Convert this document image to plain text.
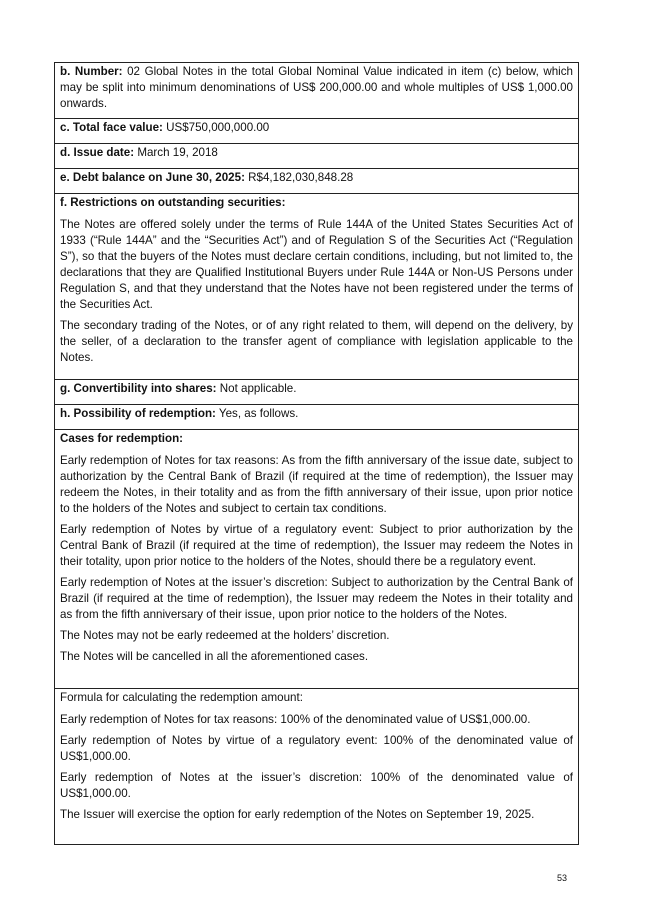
b. Number: 02 Global Notes in the total Global Nominal Value indicated in item (c) below, which may be split into minimum denominations of US$ 200,000.00 and whole multiples of US$ 1,000.00 onwards.

c. Total face value: US$750,000,000.00

d. Issue date: March 19, 2018

e. Debt balance on June 30, 2025: R$4,182,030,848.28

f. Restrictions on outstanding securities:

The Notes are offered solely under the terms of Rule 144A of the United States Securities Act of 1933 (“Rule 144A” and the “Securities Act”) and of Regulation S of the Securities Act (“Regulation S”), so that the buyers of the Notes must declare certain conditions, including, but not limited to, the declarations that they are Qualified Institutional Buyers under Rule 144A or Non-US Persons under Regulation S, and that they understand that the Notes have not been registered under the terms of the Securities Act.

The secondary trading of the Notes, or of any right related to them, will depend on the delivery, by the seller, of a declaration to the transfer agent of compliance with legislation applicable to the Notes.

g. Convertibility into shares: Not applicable.

h. Possibility of redemption: Yes, as follows.

Cases for redemption:

Early redemption of Notes for tax reasons: As from the fifth anniversary of the issue date, subject to authorization by the Central Bank of Brazil (if required at the time of redemption), the Issuer may redeem the Notes, in their totality and as from the fifth anniversary of their issue, upon prior notice to the holders of the Notes and subject to certain tax conditions.

Early redemption of Notes by virtue of a regulatory event: Subject to prior authorization by the Central Bank of Brazil (if required at the time of redemption), the Issuer may redeem the Notes in their totality, upon prior notice to the holders of the Notes, should there be a regulatory event.

Early redemption of Notes at the issuer’s discretion: Subject to authorization by the Central Bank of Brazil (if required at the time of redemption), the Issuer may redeem the Notes in their totality and as from the fifth anniversary of their issue, upon prior notice to the holders of the Notes.

The Notes may not be early redeemed at the holders’ discretion.

The Notes will be cancelled in all the aforementioned cases.

Formula for calculating the redemption amount:

Early redemption of Notes for tax reasons: 100% of the denominated value of US$1,000.00.

Early redemption of Notes by virtue of a regulatory event: 100% of the denominated value of US$1,000.00.

Early redemption of Notes at the issuer’s discretion: 100% of the denominated value of US$1,000.00.

The Issuer will exercise the option for early redemption of the Notes on September 19, 2025.

53
